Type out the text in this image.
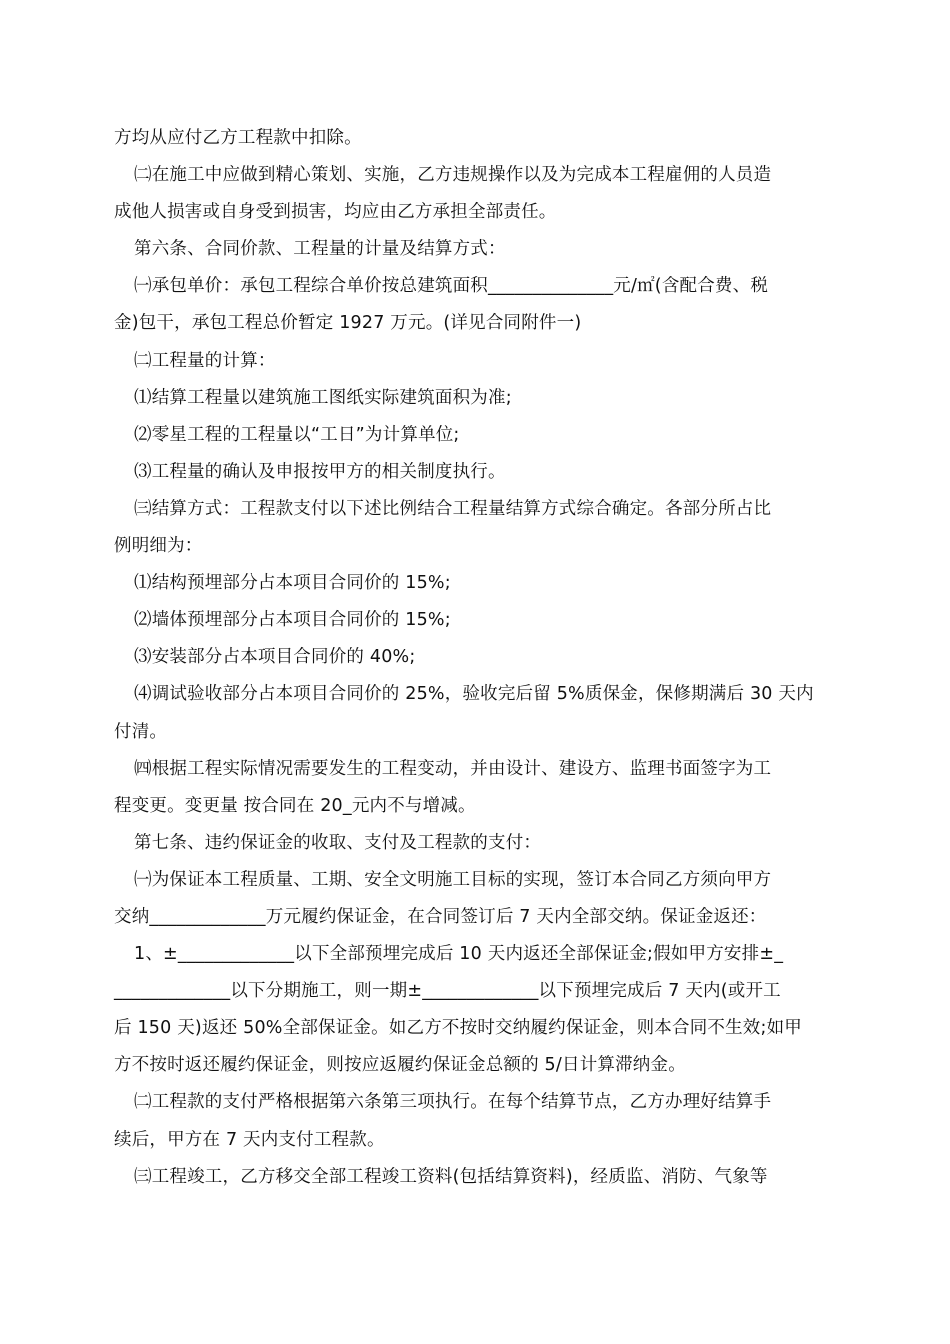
方均从应付乙方工程款中扣除。
㈡在施工中应做到精心策划、实施，乙方违规操作以及为完成本工程雇佣的人员造
成他人损害或自身受到损害，均应由乙方承担全部责任。
第六条、合同价款、工程量的计量及结算方式：
㈠承包单价：承包工程综合单价按总建筑面积______________元/㎡(含配合费、税
金)包干，承包工程总价暂定 1927 万元。(详见合同附件一)
㈡工程量的计算：
⑴结算工程量以建筑施工图纸实际建筑面积为准;
⑵零星工程的工程量以“工日”为计算单位;
⑶工程量的确认及申报按甲方的相关制度执行。
㈢结算方式：工程款支付以下述比例结合工程量结算方式综合确定。各部分所占比
例明细为：
⑴结构预埋部分占本项目合同价的 15%;
⑵墙体预埋部分占本项目合同价的 15%;
⑶安装部分占本项目合同价的 40%;
⑷调试验收部分占本项目合同价的 25%，验收完后留 5%质保金，保修期满后 30 天内
付清。
㈣根据工程实际情况需要发生的工程变动，并由设计、建设方、监理书面签字为工
程变更。变更量 按合同在 20_元内不与增减。
第七条、违约保证金的收取、支付及工程款的支付：
㈠为保证本工程质量、工期、安全文明施工目标的实现，签订本合同乙方须向甲方
交纳_____________万元履约保证金，在合同签订后 7 天内全部交纳。保证金返还：
1、±_____________以下全部预埋完成后 10 天内返还全部保证金;假如甲方安排±_
_____________以下分期施工，则一期±_____________以下预埋完成后 7 天内(或开工
后 150 天)返还 50%全部保证金。如乙方不按时交纳履约保证金，则本合同不生效;如甲
方不按时返还履约保证金，则按应返履约保证金总额的 5/日计算滞纳金。
㈡工程款的支付严格根据第六条第三项执行。在每个结算节点，乙方办理好结算手
续后，甲方在 7 天内支付工程款。
㈢工程竣工，乙方移交全部工程竣工资料(包括结算资料)，经质监、消防、气象等
